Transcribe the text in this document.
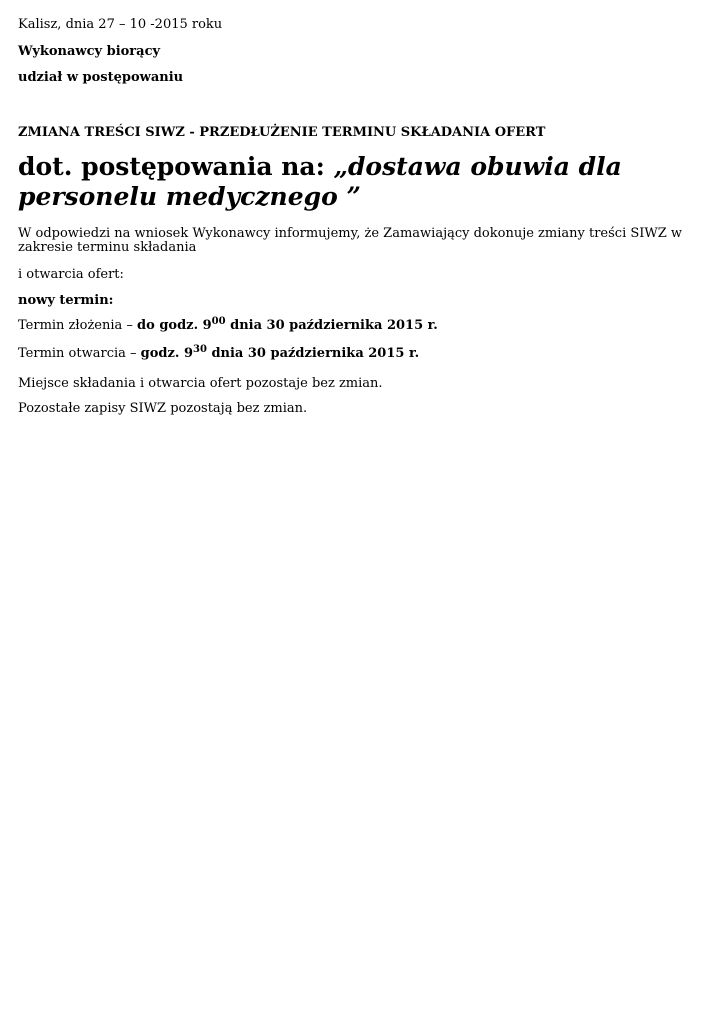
Kalisz, dnia 27 – 10 -2015 roku

Wykonawcy biorący

udział w postępowaniu

ZMIANA TREŚCI SIWZ - PRZEDŁUŻENIE TERMINU SKŁADANIA OFERT

dot. postępowania na: „dostawa obuwia dla personelu medycznego ”

W odpowiedzi na wniosek Wykonawcy informujemy, że Zamawiający dokonuje zmiany treści SIWZ w zakresie terminu składania

i otwarcia ofert:

nowy termin:

Termin złożenia – do godz. $9^{00}$ dnia 30 października 2015 r.

Termin otwarcia – godz. $9^{30}$ dnia 30 października 2015 r.

Miejsce składania i otwarcia ofert pozostaje bez zmian.

Pozostałe zapisy SIWZ pozostają bez zmian.
